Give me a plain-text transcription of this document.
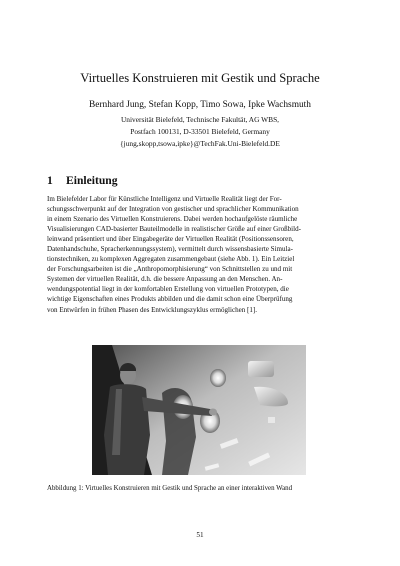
Virtuelles Konstruieren mit Gestik und Sprache
Bernhard Jung, Stefan Kopp, Timo Sowa, Ipke Wachsmuth
Universität Bielefeld, Technische Fakultät, AG WBS,
Postfach 100131, D-33501 Bielefeld, Germany
{jung,skopp,tsowa,ipke}@TechFak.Uni-Bielefeld.DE
1 Einleitung
Im Bielefelder Labor für Künstliche Intelligenz und Virtuelle Realität liegt der For-
schungsschwerpunkt auf der Integration von gestischer und sprachlicher Kommunikation
in einem Szenario des Virtuellen Konstruierens. Dabei werden hochaufgelöste räumliche
Visualisierungen CAD-basierter Bauteilmodelle in realistischer Größe auf einer Großbild-
leinwand präsentiert und über Eingabegeräte der Virtuellen Realität (Positionssensoren,
Datenhandschuhe, Spracherkennungssystem), vermittelt durch wissensbasierte Simula-
tionstechniken, zu komplexen Aggregaten zusammengebaut (siehe Abb. 1). Ein Leitziel
der Forschungsarbeiten ist die „Anthropomorphisierung“ von Schnittstellen zu und mit
Systemen der virtuellen Realität, d.h. die bessere Anpassung an den Menschen. An-
wendungspotential liegt in der komfortablen Erstellung von virtuellen Prototypen, die
wichtige Eigenschaften eines Produkts abbilden und die damit schon eine Überprüfung
von Entwürfen in frühen Phasen des Entwicklungszyklus ermöglichen [1].
Abbildung 1: Virtuelles Konstruieren mit Gestik und Sprache an einer interaktiven Wand
51
